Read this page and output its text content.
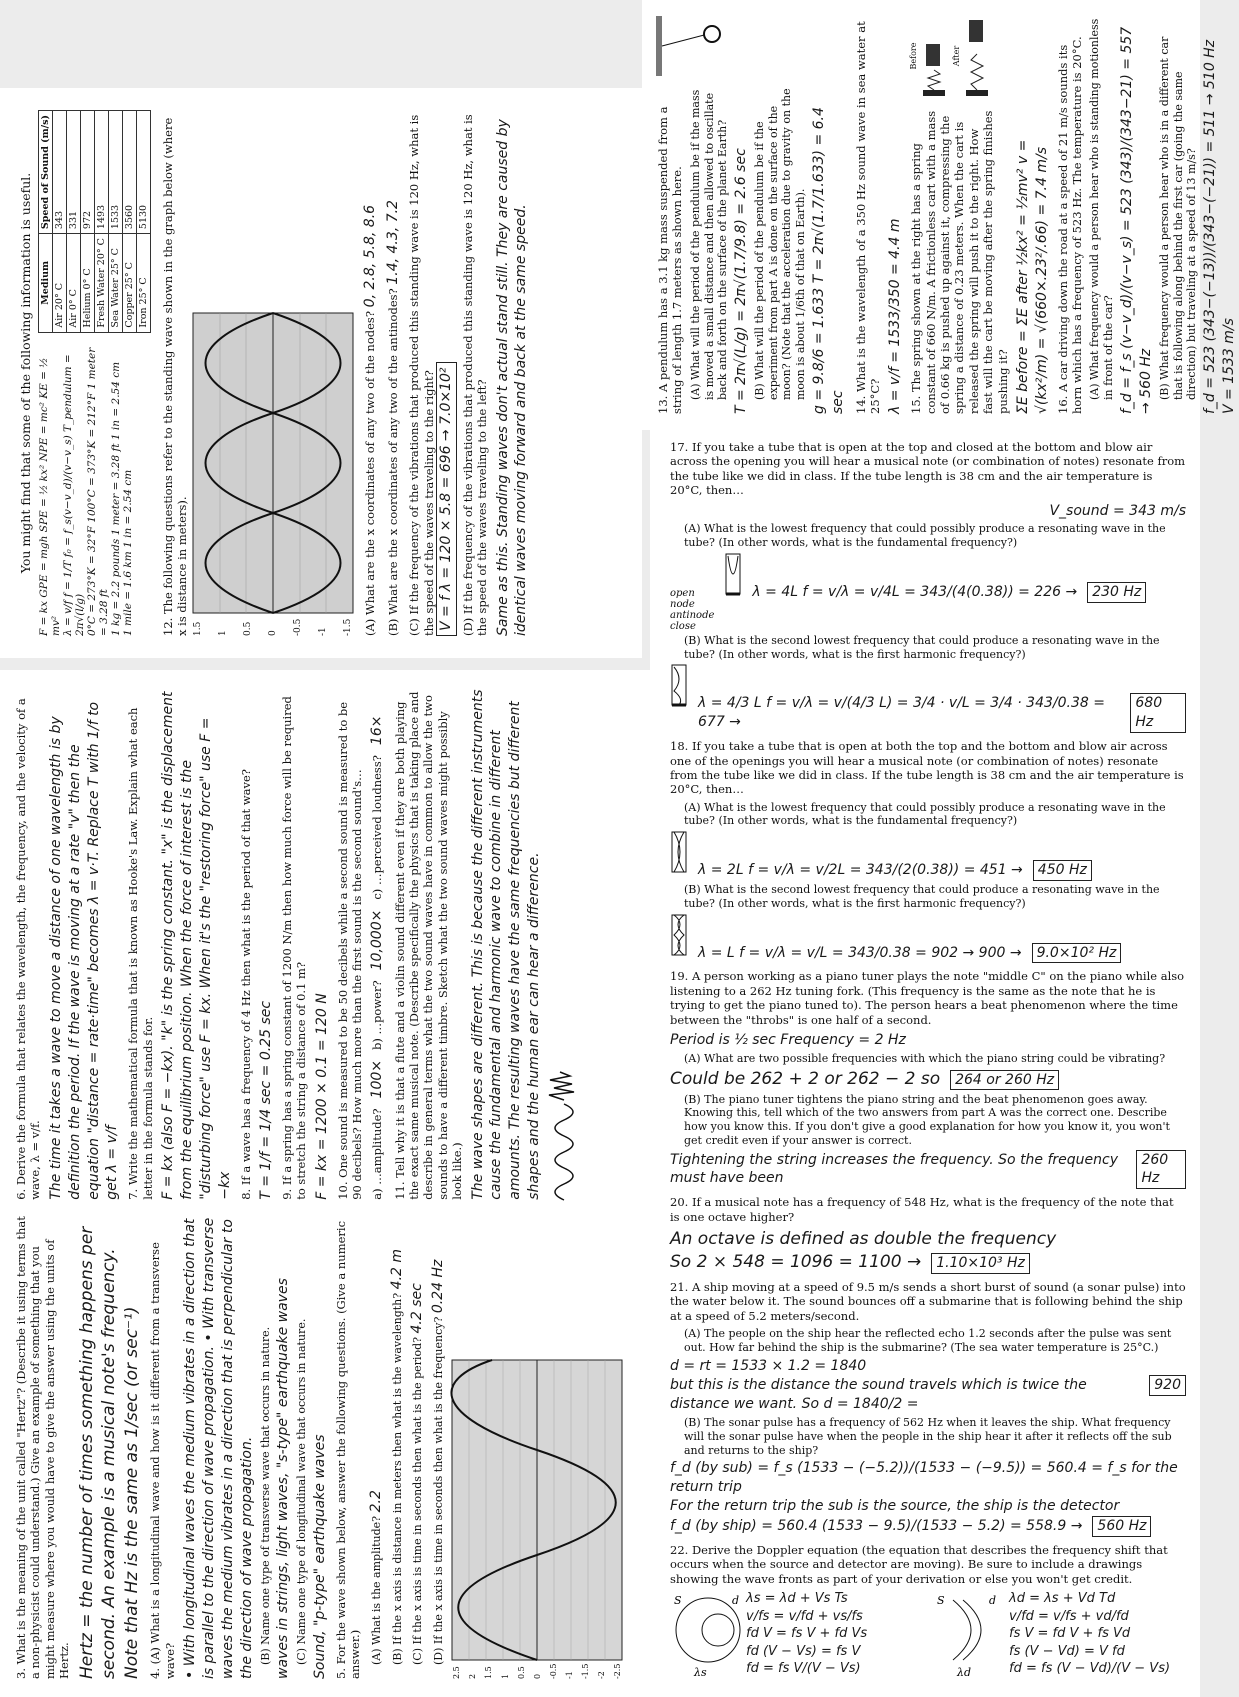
You might find that some of the following information is useful. F = kx GPE = mgh SPE = ½ kx² NPE = mc² KE = ½ mv² λ = v/f f = 1/T f₀ = f_s(v−v_d)/(v−v_s) T_pendulum = 2π√(l/g) 0°C = 273°K = 32°F 100°C = 373°K = 212°F 1 meter = 3.28 ft 1 kg = 2.2 pounds 1 meter = 3.28 ft 1 in = 2.54 cm 1 mile = 1.6 km 1 in = 2.54 cm
Medium	Speed of Sound (m/s)
Air 20° C	343
Air 0° C	331
Helium 0° C	972
Fresh Water 20° C	1493
Sea Water 25° C	1533
Copper 25° C	3560
Iron 25° C	5130 12. The following questions refer to the standing wave shown in the graph below (where x is distance in meters). 1.5 1 0.5 0 -0.5 -1 -1.5 (A) What are the x coordinates of any two of the nodes? 0, 2.8, 5.8, 8.6
(B) What are the x coordinates of any two of the antinodes? 1.4, 4.3, 7.2 (C) If the frequency of the vibrations that produced this standing wave is 120 Hz, what is the speed of the waves traveling to the right? V = f λ = 120 × 5.8 = 696 → 7.0×10² (D) If the frequency of the vibrations that produced this standing wave is 120 Hz, what is the speed of the waves traveling to the left? Same as this. Standing waves don't actual stand still. They are caused by identical waves moving forward and back at the same speed.	13. A pendulum has a 3.1 kg mass suspended from a string of length 1.7 meters as shown here. (A) What will the period of the pendulum be if the mass is moved a small distance and then allowed to oscillate back and forth on the surface of the planet Earth? T = 2π√(L/g) = 2π√(1.7/9.8) = 2.6 sec (B) What will the period of the pendulum be if the experiment from part A is done on the surface of the moon? (Note that the acceleration due to gravity on the moon is about 1/6th of that on Earth). g = 9.8/6 = 1.633 T = 2π√(1.7/1.633) = 6.4 sec 14. What is the wavelength of a 350 Hz sound wave in sea water at 25°C? λ = v/f = 1533/350 = 4.4 m 15. The spring shown at the right has a spring constant of 660 N/m. A frictionless cart with a mass of 0.66 kg is pushed up against it, compressing the spring a distance of 0.23 meters. When the cart is released the spring will push it to the right. How fast will the cart be moving after the spring finishes pushing it? ΣE before = ΣE after ½kx² = ½mv² v = √(kx²/m) = √(660×.23²/.66) = 7.4 m/s
Before	After	16. A car driving down the road at a speed of 21 m/s sounds its horn which has a frequency of 523 Hz. The temperature is 20°C. (A) What frequency would a person hear who is standing motionless in front of the car? f_d = f_s (v−v_d)/(v−v_s) = 523 (343)/(343−21) = 557 → 560 Hz (B) What frequency would a person hear who is in a different car that is following along behind the first car (going the same direction) but traveling at a speed of 13 m/s? f_d = 523 (343−(−13))/(343−(−21)) = 511 → 510 Hz V = 1533 m/s
3. What is the meaning of the unit called "Hertz"? (Describe it using terms that a non-physicist could understand.) Give an example of something that you might measure where you would have to give the answer using the units of Hertz. Hertz = the number of times something happens per second. An example is a musical note's frequency. Note that Hz is the same as 1/sec (or sec⁻¹) 4. (A) What is a longitudinal wave and how is it different from a transverse wave? • With longitudinal waves the medium vibrates in a direction that is parallel to the direction of wave propagation. • With transverse waves the medium vibrates in a direction that is perpendicular to the direction of wave propagation. (B) Name one type of transverse wave that occurs in nature. waves in strings, light waves, "s-type" earthquake waves (C) Name one type of longitudinal wave that occurs in nature. Sound, "p-type" earthquake waves 5. For the wave shown below, answer the following questions. (Give a numeric answer.) (A) What is the amplitude? 2.2 (B) If the x axis is distance in meters then what is the wavelength? 4.2 m
(C) If the x axis is time in seconds then what is the period? 4.2 sec
(D) If the x axis is time in seconds then what is the frequency? 0.24 Hz
2.5 2 1.5 1 0.5 0 -0.5 -1 -1.5 -2 -2.5
6. Derive the formula that relates the wavelength, the frequency, and the velocity of a wave, λ = v/f. The time it takes a wave to move a distance of one wavelength is by definition the period. If the wave is moving at a rate "v" then the equation "distance = rate·time" becomes λ = v·T. Replace T with 1/f to get λ = v/f 7. Write the mathematical formula that is known as Hooke's Law. Explain what each letter in the formula stands for. F = kx (also F = −kx). "k" is the spring constant. "x" is the displacement from the equilibrium position. When the force of interest is the "disturbing force" use F = kx. When it's the "restoring force" use F = −kx 8. If a wave has a frequency of 4 Hz then what is the period of that wave? T = 1/f = 1/4 sec = 0.25 sec 9. If a spring has a spring constant of 1200 N/m then how much force will be required to stretch the string a distance of 0.1 m? F = kx = 1200 × 0.1 = 120 N 10. One sound is measured to be 50 decibels while a second sound is measured to be 90 decibels? How much more than the first sound is the second sound's… a) …amplitude?
100×
b) …power?
10,000×
c) …perceived loudness?
16× 11. Tell why it is that a flute and a violin sound different even if they are both playing the exact same musical note. (Describe specifically the physics that is taking place and describe in general terms what the two sound waves have in common to allow the two sounds to have a different timbre. Sketch what the two sound waves might possibly look like.) The wave shapes are different. This is because the different instruments cause the fundamental and harmonic wave to combine in different amounts. The resulting waves have the same frequencies but different shapes and the human ear can hear a difference.
17. If you take a tube that is open at the top and closed at the bottom and blow air across the opening you will hear a musical note (or combination of notes) resonate from the tube like we did in class. If the tube length is 38 cm and the air temperature is 20°C, then…
V_sound = 343 m/s
(A) What is the lowest frequency that could possibly produce a resonating wave in the tube? (In other words, what is the fundamental frequency?)
open
node
antinode
close
λ = 4L f = v/λ = v/4L = 343/(4(0.38)) = 226 →	230 Hz
(B) What is the second lowest frequency that could produce a resonating wave in the tube? (In other words, what is the first harmonic frequency?)
λ = 4/3 L f = v/λ = v/(4/3 L) = 3/4 · v/L = 3/4 · 343/0.38 = 677 →
680 Hz
18. If you take a tube that is open at both the top and the bottom and blow air across one of the openings you will hear a musical note (or combination of notes) resonate from the tube like we did in class. If the tube length is 38 cm and the air temperature is 20°C, then…
(A) What is the lowest frequency that could possibly produce a resonating wave in the tube? (In other words, what is the fundamental frequency?)
λ = 2L f = v/λ = v/2L = 343/(2(0.38)) = 451 →	450 Hz
(B) What is the second lowest frequency that could produce a resonating wave in the tube? (In other words, what is the first harmonic frequency?)
λ = L f = v/λ = v/L = 343/0.38 = 902 → 900 →	9.0×10² Hz
19. A person working as a piano tuner plays the note "middle C" on the piano while also listening to a 262 Hz tuning fork. (This frequency is the same as the note that he is trying to get the piano tuned to). The person hears a beat phenomenon where the time between the "throbs" is one half of a second.
Period is ½ sec Frequency = 2 Hz
(A) What are two possible frequencies with which the piano string could be vibrating?
Could be 262 + 2 or 262 − 2 so	264 or 260 Hz
(B) The piano tuner tightens the piano string and the beat phenomenon goes away. Knowing this, tell which of the two answers from part A was the correct one. Describe how you know this. If you don't give a good explanation for how you know it, you won't get credit even if your answer is correct.
Tightening the string increases the frequency. So the frequency must have been
260 Hz
20. If a musical note has a frequency of 548 Hz, what is the frequency of the note that is one octave higher?
An octave is defined as double the frequency
So 2 × 548 = 1096 = 1100 →	1.10×10³ Hz
21. A ship moving at a speed of 9.5 m/s sends a short burst of sound (a sonar pulse) into the water below it. The sound bounces off a submarine that is following behind the ship at a speed of 5.2 meters/second.
(A) The people on the ship hear the reflected echo 1.2 seconds after the pulse was sent out. How far behind the ship is the submarine? (The sea water temperature is 25°C.)
d = rt = 1533 × 1.2 = 1840
but this is the distance the sound travels which is twice the distance we want. So d = 1840/2 =
920
(B) The sonar pulse has a frequency of 562 Hz when it leaves the ship. What frequency will the sonar pulse have when the people in the ship hear it after it reflects off the sub and returns to the ship?
f_d (by sub) = f_s (1533 − (−5.2))/(1533 − (−9.5)) = 560.4 = f_s for the return trip
For the return trip the sub is the source, the ship is the detector
f_d (by ship) = 560.4 (1533 − 9.5)/(1533 − 5.2) = 558.9 →	560 Hz
22. Derive the Doppler equation (the equation that describes the frequency shift that occurs when the source and detector are moving). Be sure to include a drawings showing the wave fronts as part of your derivation or else you won't get credit.
S	d
λs
λs = λd + Vs Ts
v/fs = v/fd + vs/fs
fd V = fs V + fd Vs
fd (V − Vs) = fs V
fd = fs V/(V − Vs)
S	d
λd
λd = λs + Vd Td
v/fd = v/fs + vd/fd
fs V = fd V + fs Vd
fs (V − Vd) = V fd
fd = fs (V − Vd)/(V − Vs)
